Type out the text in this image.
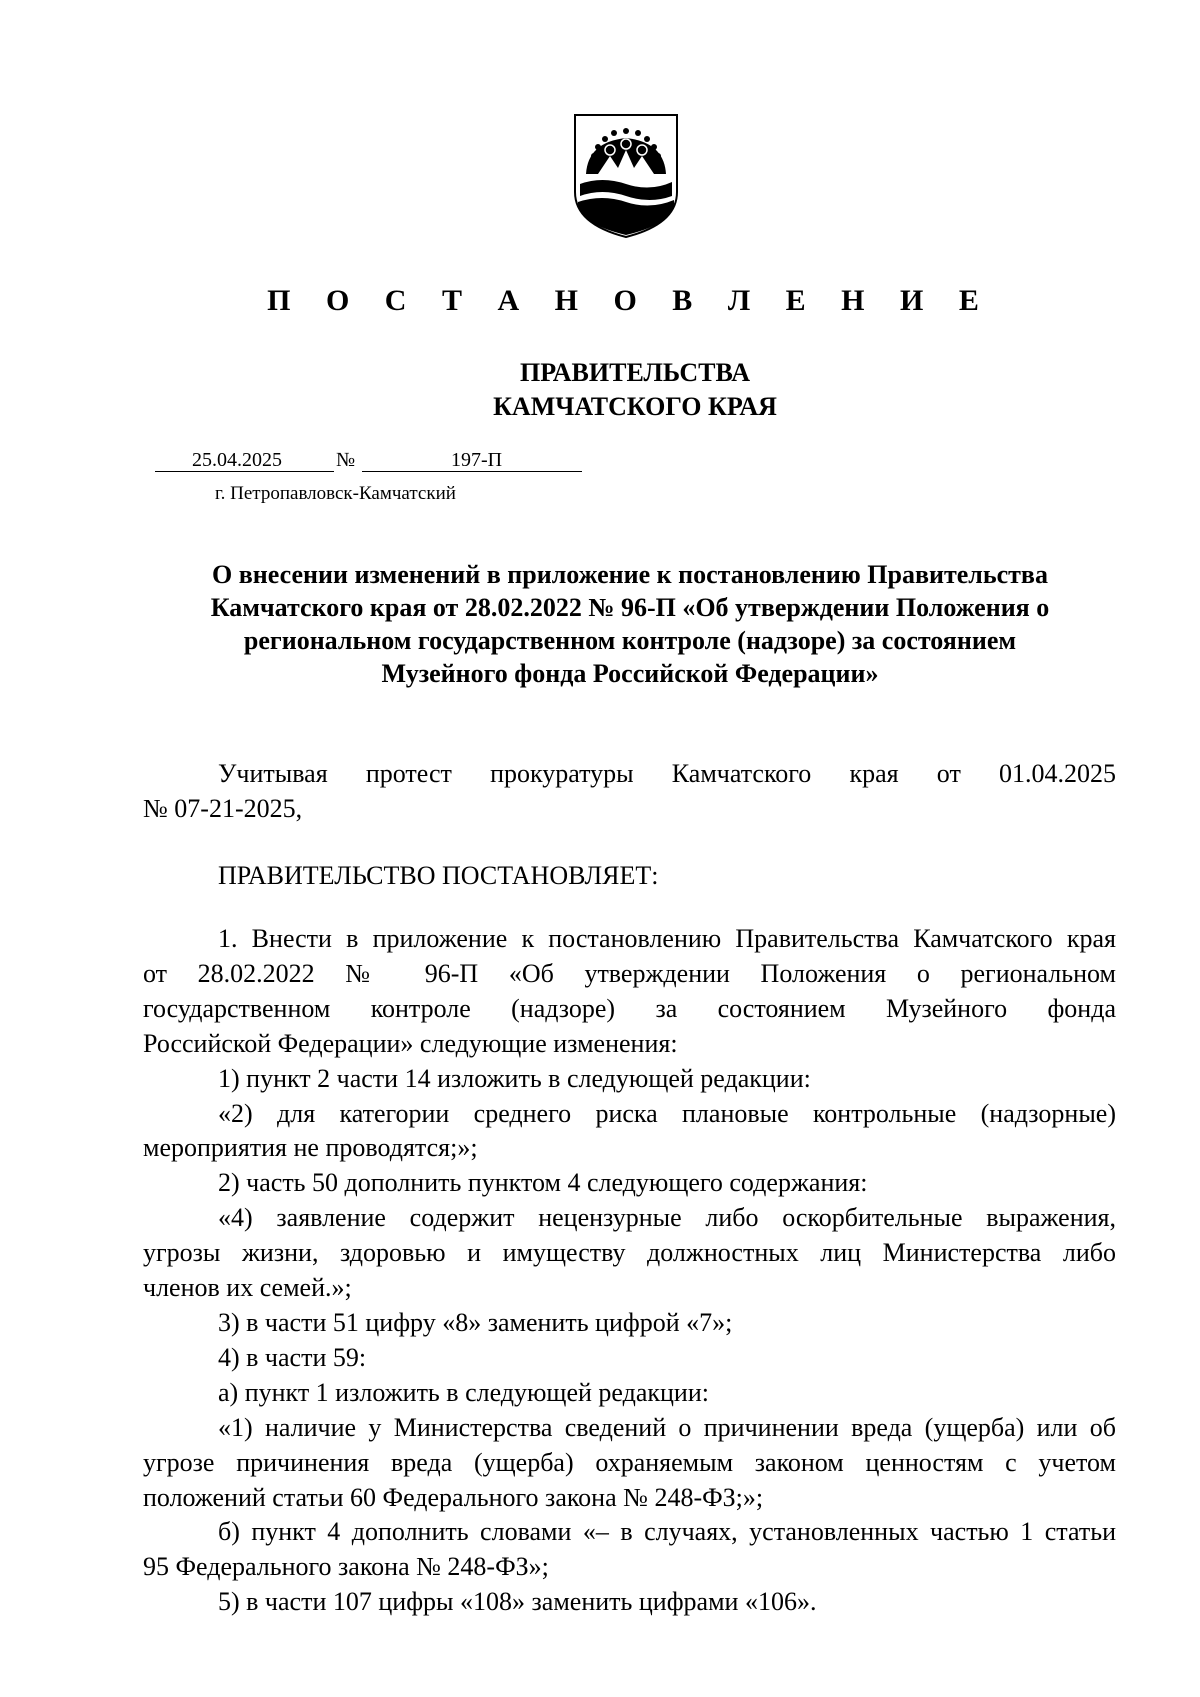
П О С Т А Н О В Л Е Н И Е
ПРАВИТЕЛЬСТВА
КАМЧАТСКОГО КРАЯ
25.04.2025	№	197-П
г. Петропавловск-Камчатский
О внесении изменений в приложение к постановлению Правительства
Камчатского края от 28.02.2022 № 96-П «Об утверждении Положения о
региональном государственном контроле (надзоре) за состоянием
Музейного фонда Российской Федерации»
Учитывая протест прокуратуры Камчатского края от 01.04.2025
№ 07-21-2025,
ПРАВИТЕЛЬСТВО ПОСТАНОВЛЯЕТ:
1. Внести в приложение к постановлению Правительства Камчатского края
от 28.02.2022 № 96-П «Об утверждении Положения о региональном
государственном контроле (надзоре) за состоянием Музейного фонда
Российской Федерации» следующие изменения:
1) пункт 2 части 14 изложить в следующей редакции:
«2) для категории среднего риска плановые контрольные (надзорные)
мероприятия не проводятся;»;
2) часть 50 дополнить пунктом 4 следующего содержания:
«4) заявление содержит нецензурные либо оскорбительные выражения,
угрозы жизни, здоровью и имуществу должностных лиц Министерства либо
членов их семей.»;
3) в части 51 цифру «8» заменить цифрой «7»;
4) в части 59:
а) пункт 1 изложить в следующей редакции:
«1) наличие у Министерства сведений о причинении вреда (ущерба) или об
угрозе причинения вреда (ущерба) охраняемым законом ценностям с учетом
положений статьи 60 Федерального закона № 248-ФЗ;»;
б) пункт 4 дополнить словами «– в случаях, установленных частью 1 статьи
95 Федерального закона № 248-ФЗ»;
5) в части 107 цифры «108» заменить цифрами «106».
